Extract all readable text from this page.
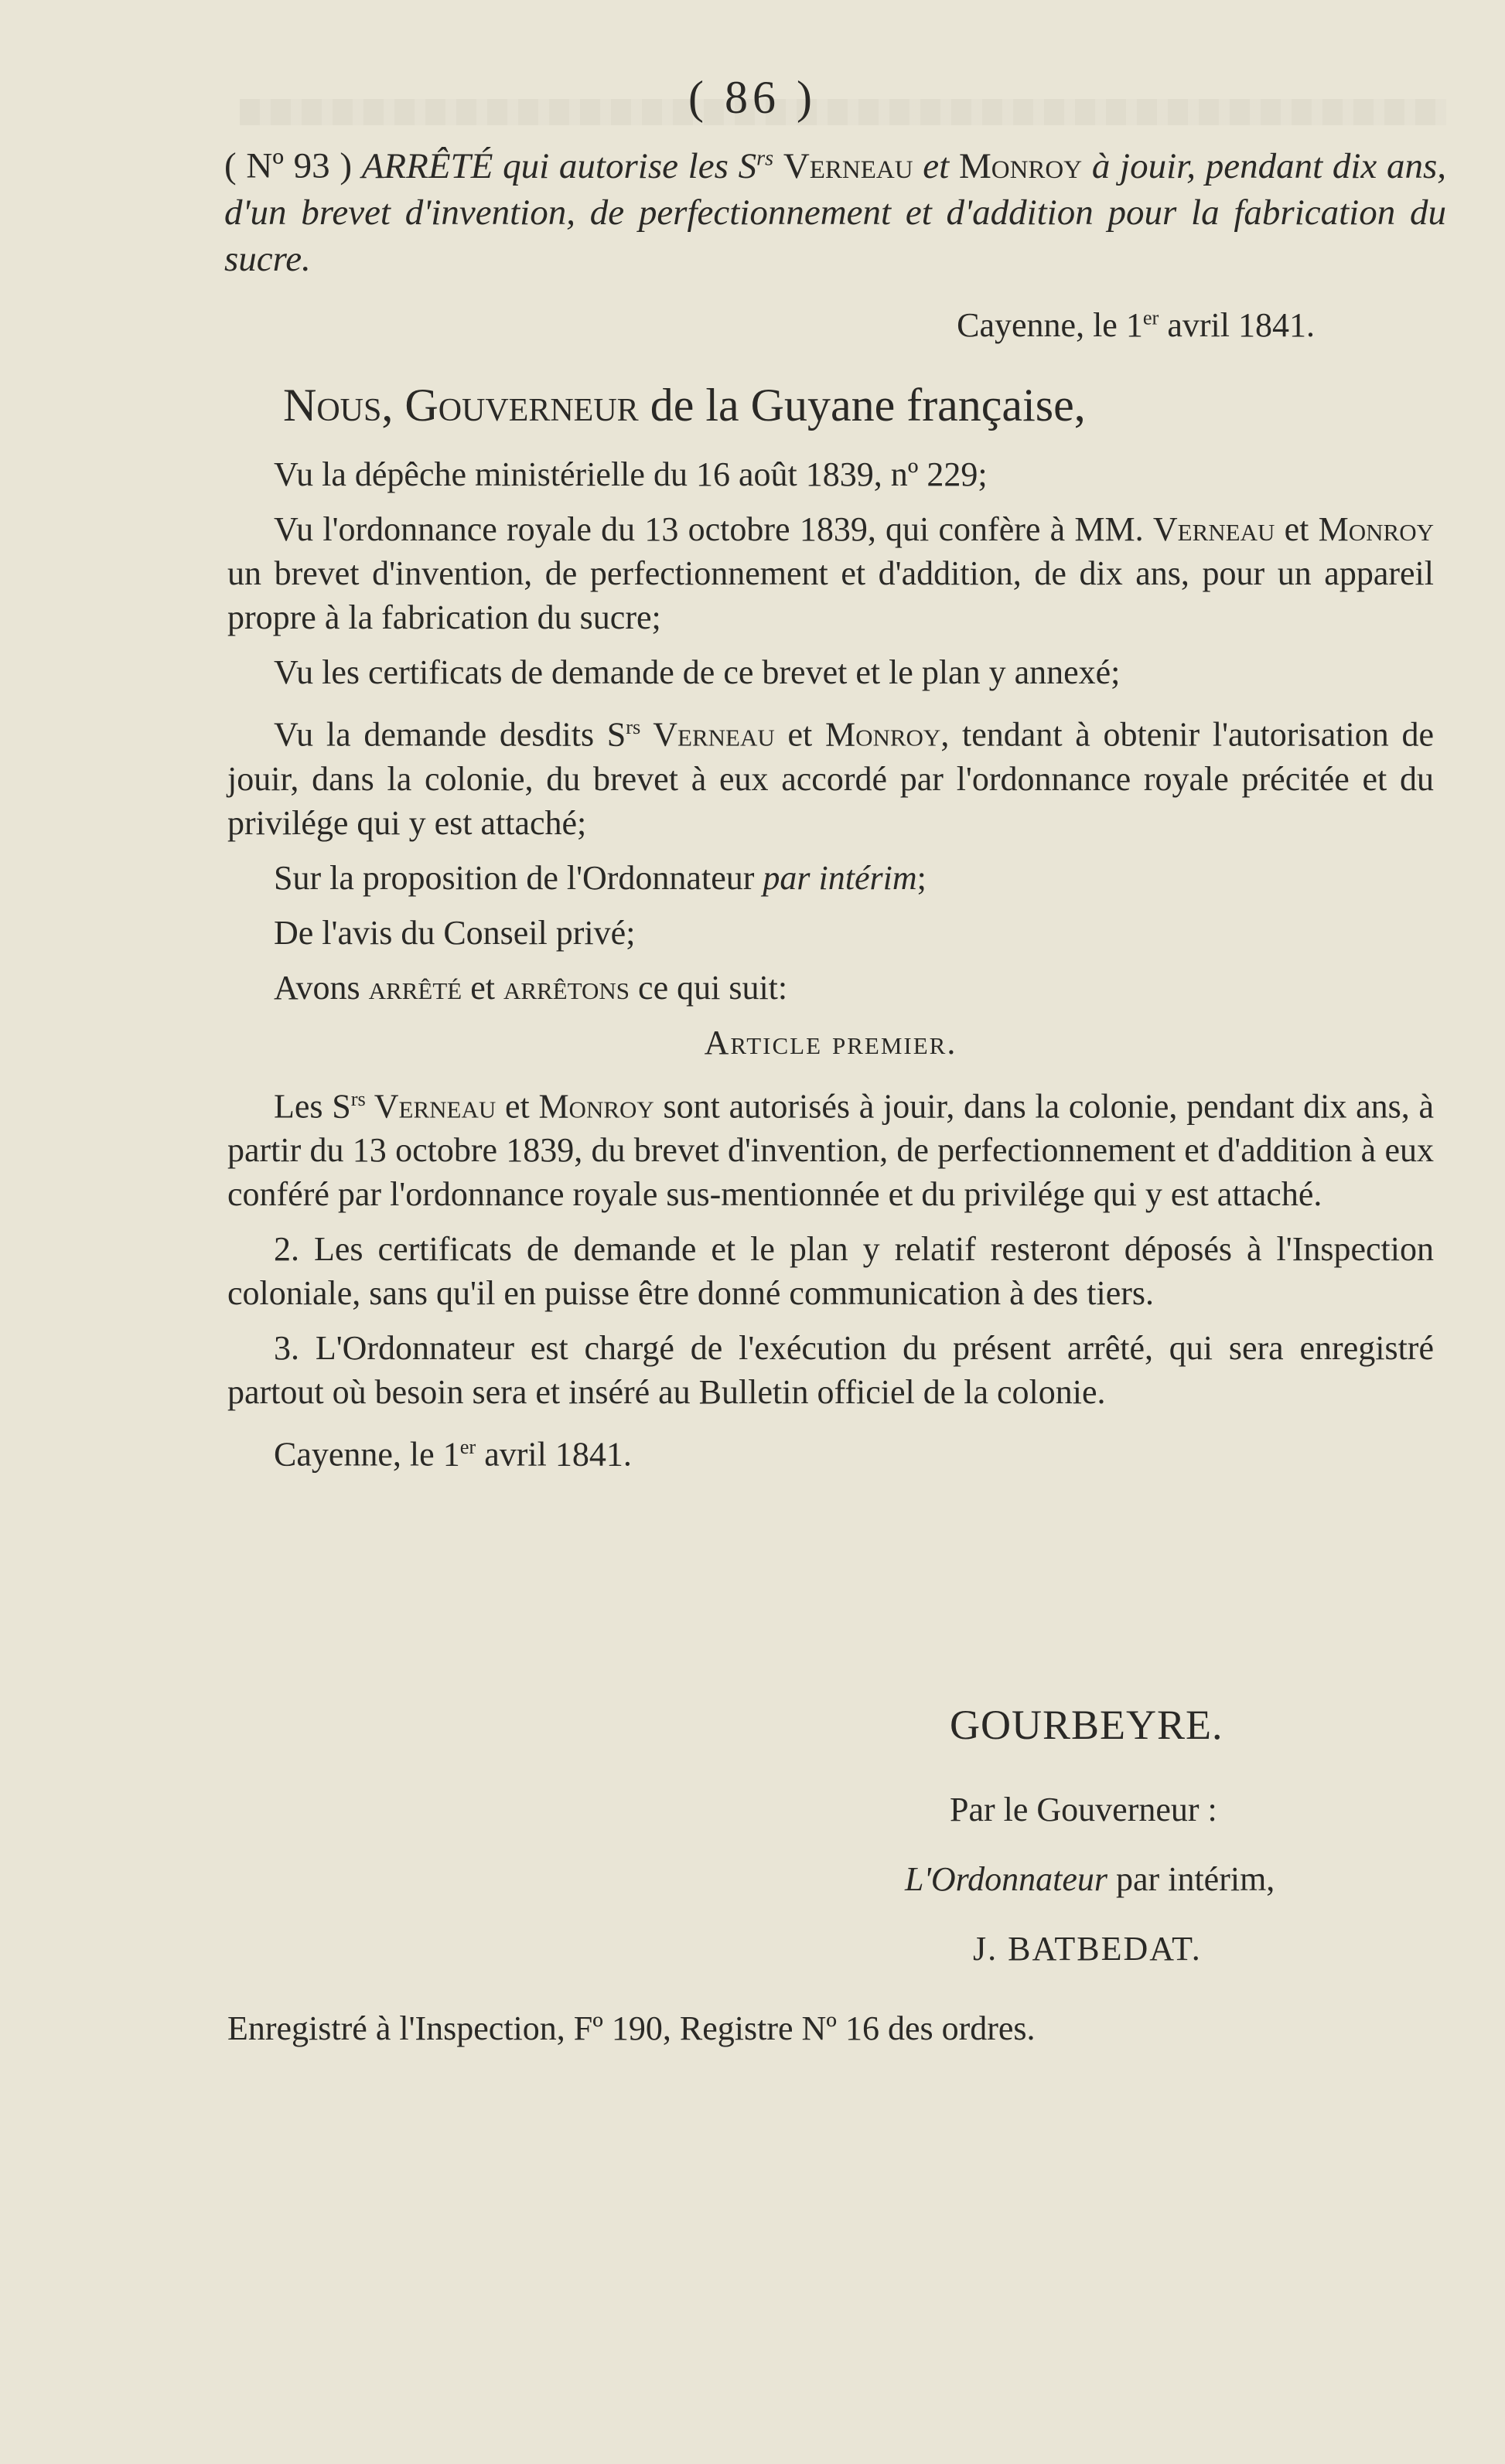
( 86 )
( Nº 93 ) ARRÊTÉ qui autorise les $S^{rs}$ Verneau et Monroy à jouir, pendant dix ans, d'un brevet d'invention, de perfectionnement et d'addition pour la fabrication du sucre.
Cayenne, le 1er avril 1841.
Nous, Gouverneur de la Guyane française,

Vu la dépêche ministérielle du 16 août 1839, nº 229;

Vu l'ordonnance royale du 13 octobre 1839, qui confère à MM. Verneau et Monroy un brevet d'invention, de perfectionnement et d'addition, de dix ans, pour un appareil propre à la fabrication du sucre;

Vu les certificats de demande de ce brevet et le plan y annexé;

Vu la demande desdits $S^{rs}$ Verneau et Monroy, tendant à obtenir l'autorisation de jouir, dans la colonie, du brevet à eux accordé par l'ordonnance royale précitée et du privilége qui y est attaché;

Sur la proposition de l'Ordonnateur par intérim;

De l'avis du Conseil privé;

Avons arrêté et arrêtons ce qui suit:

Article premier.

Les $S^{rs}$ Verneau et Monroy sont autorisés à jouir, dans la colonie, pendant dix ans, à partir du 13 octobre 1839, du brevet d'invention, de perfectionnement et d'addition à eux conféré par l'ordonnance royale sus-mentionnée et du privilége qui y est attaché.

2. Les certificats de demande et le plan y relatif resteront déposés à l'Inspection coloniale, sans qu'il en puisse être donné communication à des tiers.

3. L'Ordonnateur est chargé de l'exécution du présent arrêté, qui sera enregistré partout où besoin sera et inséré au Bulletin officiel de la colonie.

Cayenne, le 1er avril 1841.

GOURBEYRE.
Par le Gouverneur :
L'Ordonnateur par intérim,
J. BATBEDAT.
Enregistré à l'Inspection, Fº 190, Registre Nº 16 des ordres.
